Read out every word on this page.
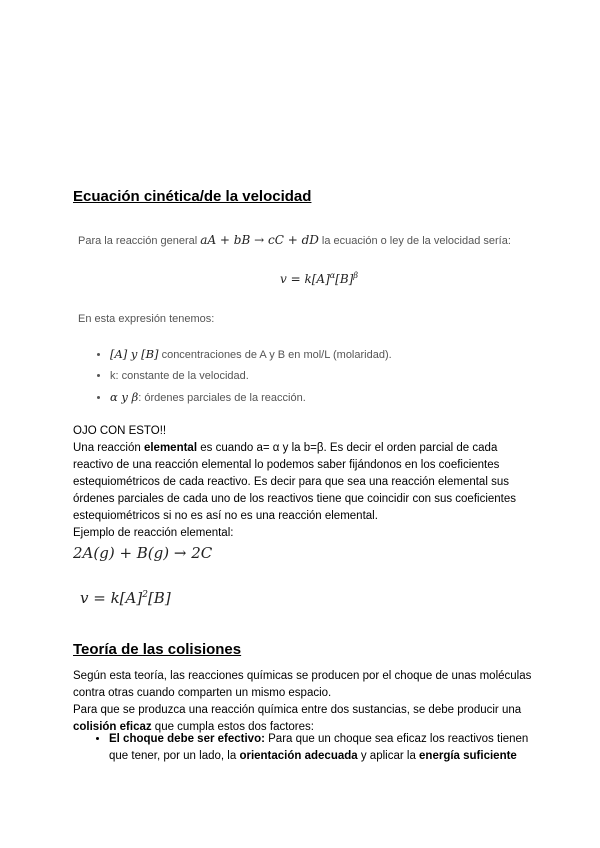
Ecuación cinética/de la velocidad
Para la reacción general aA + bB → cC + dD la ecuación o ley de la velocidad sería:
$v = k[A]^\alpha[B]^\beta$
En esta expresión tenemos:
• [A] y [B] concentraciones de A y B en mol/L (molaridad).
• k: constante de la velocidad.
• α y β: órdenes parciales de la reacción.

OJO CON ESTO!!

Una reacción elemental es cuando a= α y la b=β. Es decir el orden parcial de cada reactivo de una reacción elemental lo podemos saber fijándonos en los coeficientes estequiométricos de cada reactivo. Es decir para que sea una reacción elemental sus órdenes parciales de cada uno de los reactivos tiene que coincidir con sus coeficientes estequiométricos si no es así no es una reacción elemental.

Ejemplo de reacción elemental:

2A(g) + B(g) → 2C
$v = k[A]^2[B]$
Teoría de las colisiones

Según esta teoría, las reacciones químicas se producen por el choque de unas moléculas contra otras cuando comparten un mismo espacio.

Para que se produzca una reacción química entre dos sustancias, se debe producir una colisión eficaz que cumpla estos dos factores:

• El choque debe ser efectivo: Para que un choque sea eficaz los reactivos tienen que tener, por un lado, la orientación adecuada y aplicar la energía suficiente
